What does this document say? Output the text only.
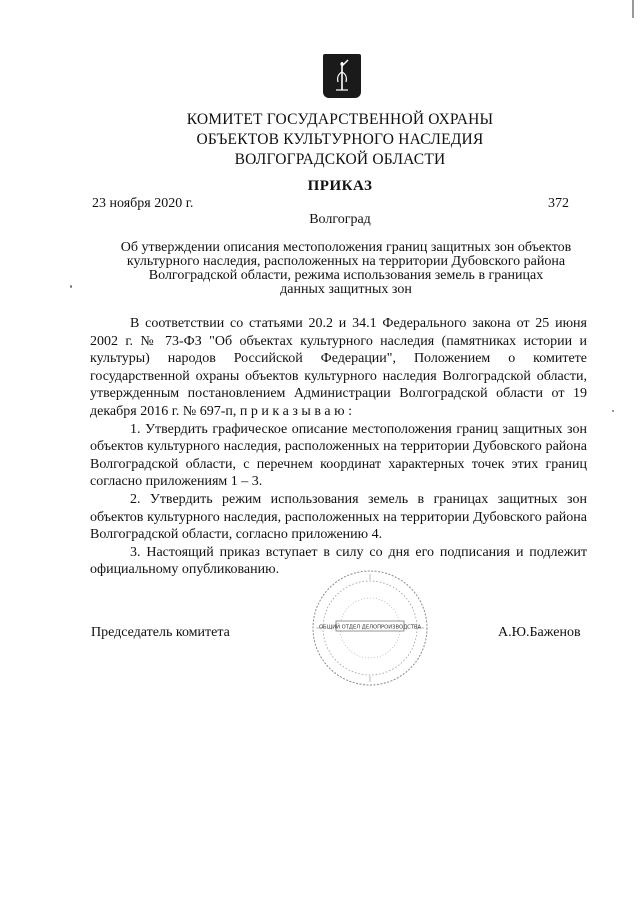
КОМИТЕТ ГОСУДАРСТВЕННОЙ ОХРАНЫ
ОБЪЕКТОВ КУЛЬТУРНОГО НАСЛЕДИЯ
ВОЛГОГРАДСКОЙ ОБЛАСТИ
ПРИКАЗ
23 ноября 2020 г.	372
Волгоград
Об утверждении описания местоположения границ защитных зон объектов
культурного наследия, расположенных на территории Дубовского района
Волгоградской области, режима использования земель в границах
данных защитных зон

В соответствии со статьями 20.2 и 34.1 Федерального закона от 25 июня 2002 г. № 73-ФЗ "Об объектах культурного наследия (памятниках истории и культуры) народов Российской Федерации", Положением о комитете государственной охраны объектов культурного наследия Волгоградской области, утвержденным постановлением Администрации Волгоградской области от 19 декабря 2016 г. № 697-п, п р и к а з ы в а ю :

1. Утвердить графическое описание местоположения границ защитных зон объектов культурного наследия, расположенных на территории Дубовского района Волгоградской области, с перечнем координат характерных точек этих границ согласно приложениям 1 – 3.

2. Утвердить режим использования земель в границах защитных зон объектов культурного наследия, расположенных на территории Дубовского района Волгоградской области, согласно приложению 4.

3. Настоящий приказ вступает в силу со дня его подписания и подлежит официальному опубликованию.

Председатель комитета	А.Ю.Баженов
ОБЩИЙ ОТДЕЛ ДЕЛОПРОИЗВОДСТВА
